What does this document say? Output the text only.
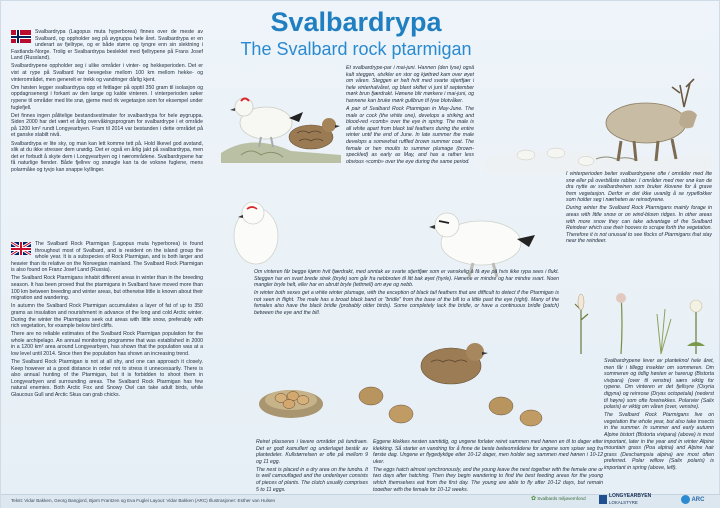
Svalbardrypa
The Svalbard rock ptarmigan

Svalbardrypa (Lagopus muta hyperborea) finnes over de meste av Svalbard, og oppholder seg på øygruppa hele året. Svalbardrypa er en underart av fjellrype, og er både større og tyngre enn sin slektning i Fastlands-Norge. Trolig er Svalbardrypa beslektet med fjellrypene på Frans Josef Land (Russland).

Svalbardrypene oppholder seg i ulike områder i vinter- og hekkeperioden. Det er vist at rype på Svalbard har bevegelse mellom 100 km mellom hekke- og vinterområdet, men generelt er trekk og vandringer dårlig kjent.

Om høsten legger svalbardrypa opp et fettlager på opptil 350 gram til isolasjon og oppdagnsenergi i forkant av den lange og kalde vinteren. I vinterperioden søker rypene til områder med lite snø, gjerne med rik vegetasjon som for eksempel under fuglefjell.

Det finnes ingen pålitelige bestandsestimater for svalbardrypa for hele øygruppa. Siden 2000 har det vært et årlig overvåkingsprogram for svalbardrype i et område på 1200 km² rundt Longyearbyen. Fram til 2014 var bestanden i dette området på et ganske stabilt nivå.

Svalbardrypa er lite sky, og man kan lett komme tett på. Hold likevel god avstand, slik at du ikke stresser dem unødig. Det er også en årlig jakt på svalbardrypa, men det er forbudt å skyte dem i Longyearbyen og i nærområdene. Svalbardrypene har få naturlige fiender. Både fjellrev og snøugle kan ta de voksne fuglene, mens polarmåke og tyvjo kan snappe kyllinger.

The Svalbard Rock Ptarmigan (Lagopus muta hyperborea) is found throughout most of Svalbard, and is resident on the island group the whole year. It is a subspecies of Rock Ptarmigan, and is both larger and heavier than its relative on the Norwegian mainland. The Svalbard Rock Ptarmigan is also found on Franz Josef Land (Russia).

The Svalbard Rock Ptarmigans inhabit different areas in winter than in the breeding season. It has been proved that the ptarmigans in Svalbard have moved more than 100 km between breeding and winter areas, but otherwise little is known about their migration and wandering.

In autumn the Svalbard Rock Ptarmigan accumulates a layer of fat of up to 350 grams as insulation and nourishment in advance of the long and cold Arctic winter. During the winter the Ptarmigans seek out areas with little snow, preferably with rich vegetation, for example below bird cliffs.

There are no reliable estimates of the Svalbard Rock Ptarmigan population for the whole archipelago. An annual monitoring programme that was established in 2000 in a 1200 km² area around Longyearbyen, has shown that the population was at a low level until 2014. Since then the population has shown an increasing trend.

The Svalbard Rock Ptarmigan is not at all shy, and one can approach it closely. Keep however at a good distance in order not to stress it unnecessarily. There is also annual hunting of the Ptarmigan, but it is forbidden to shoot them in Longyearbyen and surrounding areas. The Svalbard Rock Ptarmigan has few natural enemies. Both Arctic Fox and Snowy Owl can take adult birds, while Glaucous Gull and Arctic Skua can grab chicks.

Et svalbardrype-par i mai-juni. Hannen (den lyse) også kalt steggen, utvikler en stor og kjøttrød kam over øyet om våren. Steggen er helt hvit med svarte stjertfjær i hele vinterhalvåret, og blant skiftet vi juni til september mørk brun fjærdrakt. Hønene blir mørkere i mai-juni, og hannene kan bruke mørk gullbrun til lyse blotvåker.

A pair of Svalbard Rock Ptarmigan in May-June. The male or cock (the white one), develops a striking and blood-red «comb» over the eye in spring. The male is all white apart from black tail feathers during the entire winter until the end of June. In late summer the male develops a somewhat ruffled brown summer coat. The female or hen moults to summer plumage (brown-speckled) as early as May, and has a rather less obvious «comb» over the eye during the same period.

I vinterperioden beiter svalbardrypene ofte i områder med lite snø eller på overblåste rabber. I områder med mer snø kan de dra nytte av svalbardreinen som bruker klovene for å grave frem vegetasjon. Derfor er det ikke uvanlig å se rypeflokker som holder seg i nærheten av reinsdyrene.

During winter the Svalbard Rock Ptarmigans mainly forage in areas with little snow or on wind-blown ridges. In other areas with more snow they can take advantage of the Svalbard Reindeer which use their hooves to scrape forth the vegetation. Therefore it is not unusual to see flocks of Ptarmigans that stay near the reindeer.

Om vinteren får begge kjønn hvit fjærdrakt, med unntak av svarte stjertfjær som er vanskelig å få øye på hvis ikke rypa sees i flukt. Steggen har en svart brede strek (bryle) som går fra nebbroten til litt bak øyet (hyrle). Hønene er mindre og har mindre svart. Noen mangler bryle helt, eller har en ubrutt bryle (tettmell) om øye og nebb.

In winter both sexes get a white winter plumage, with the exception of black tail feathers that are difficult to detect if the Ptarmigan is not seen in flight. The male has a broad black band or "bridle" from the base of the bill to a little past the eye (right). Many of the females also have the black bridle (probably older birds). Some completely lack the bridle, or have a continuous bridle (patch) between the eye and the bill.

Svalbardrypene lever av planteknol hele året, men får i tillegg insekter om sommeren. Om sommeren og tidlig høsten er harerug (Bistorta vivipara) (over til venstre) særs viktig for rypene. Om vinteren er det fjellsyre (Oxyria digyna) og reinrose (Dryas octopetala) (nederst til høyre) som ofte foretrekkes. Polarvier (Salix polaris) er viktig om våren (over, venstre).

The Svalbard Rock Ptarmigans live on vegetation the whole year, but also take insects in the summer. In summer and early autumn Alpine bistort (Bistorta vivipara) (above) is most important, later in the year and in winter Alpine mountain grass (Poa alpina) and Alpine hair grass (Deschampsia alpina) are most often preferred. Polar willow (Salix polaris) is important in spring (above, left).

Reiret plasseres i lavere områder på tundraen. Det er godt kamuflert og underlaget består av plantedeler. Kullstørrelsen er ofte på mellom 9 og 11 egg.

The nest is placed in a dry area on the tundra. It is well camouflaged and the underlayer consists of pieces of plants. The clutch usually comprises 5 to 11 eggs.

Eggene klekkes nesten samtidig, og ungene forlater reiret sammen med hønen en til to dager etter klekking. Så starter en vandring for å finne de beste beiteområdene for ungene som spiser seg fra første dag. Ungene er flygedyktige etter 10-12 dager, men holder seg sammen med hønen i 10-12 uker.

The eggs hatch almost synchronously, and the young leave the nest together with the female one or two days after hatching. Then they begin wandering to find the best feeding areas for the young which themselves eat from the first day. The young are able to fly after 10-12 days, but remain together with the female for 10-12 weeks.

Tekst: Vidar Bakken, Georg Bangjord, Bjørn Frantzen og Eva Fuglei Layout: Vidar Bakken (ARC) Illustrasjoner: Esther van Hulsen	✿ Svalbards miljøvernfond	LONGYEARBYEN
LOKALSTYRE	ARC
